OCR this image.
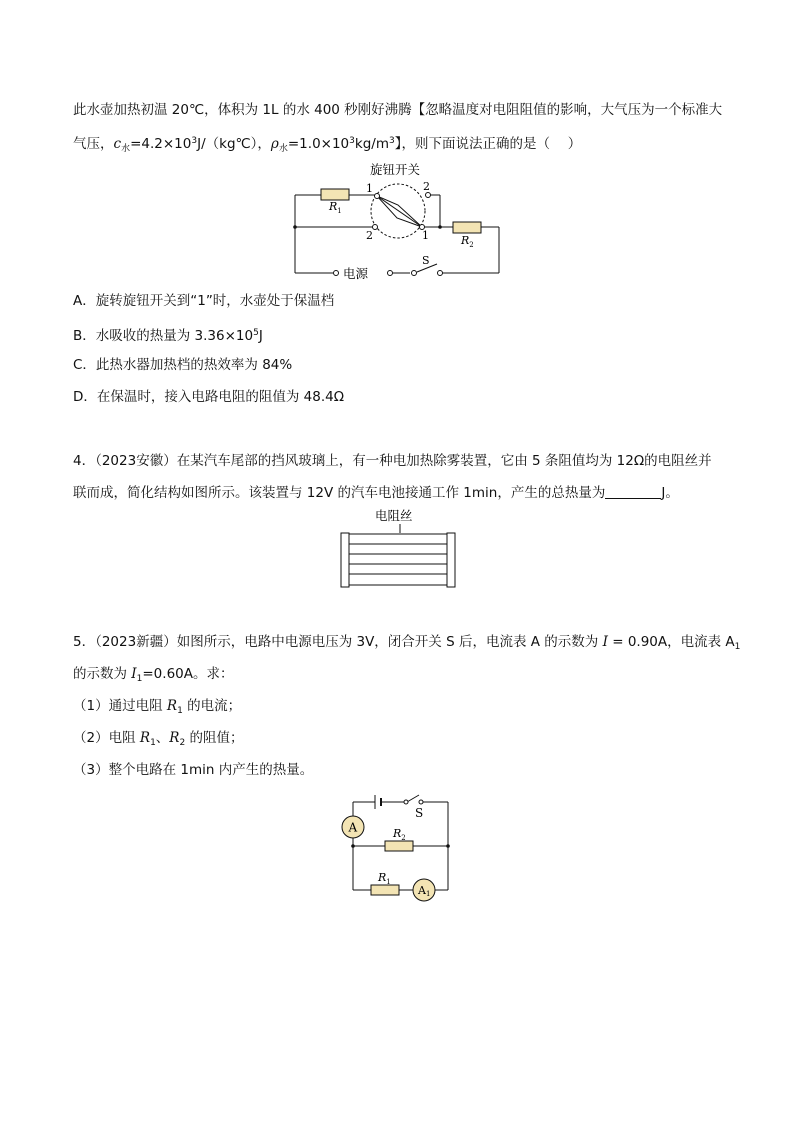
此水壶加热初温 20℃，体积为 1L 的水 400 秒刚好沸腾【忽略温度对电阻阻值的影响，大气压为一个标准大
气压，$c_水=4.2\times 10^3J/(kg℃)$，$\rho_水=1.0\times 10^3kg/m^3$】，则下面说法正确的是（　 ）
旋钮开关
1	2
2	1
$R_1$
$R_2$
电源
S
A．旋转旋钮开关到“1”时，水壶处于保温档
B．水吸收的热量为 $3.36\times 10^5J$
C．此热水器加热档的热效率为 84%
D．在保温时，接入电路电阻的阻值为 48.4Ω
4．（2023安徽）在某汽车尾部的挡风玻璃上，有一种电加热除雾装置，它由 5 条阻值均为 12Ω的电阻丝并
联而成，简化结构如图所示。该装置与 12V 的汽车电池接通工作 1min，产生的总热量为	J。
电阻丝
5．（2023新疆）如图所示，电路中电源电压为 3V，闭合开关 S 后，电流表 A 的示数为 I = 0.90A，电流表 $A_1$
的示数为 $I_1=0.60A$。求：
（1）通过电阻 $R_1$ 的电流；
（2）电阻 $R_1$、$R_2$ 的阻值；
（3）整个电路在 1min 内产生的热量。
A
A1
S
$R_2$
$R_1$
